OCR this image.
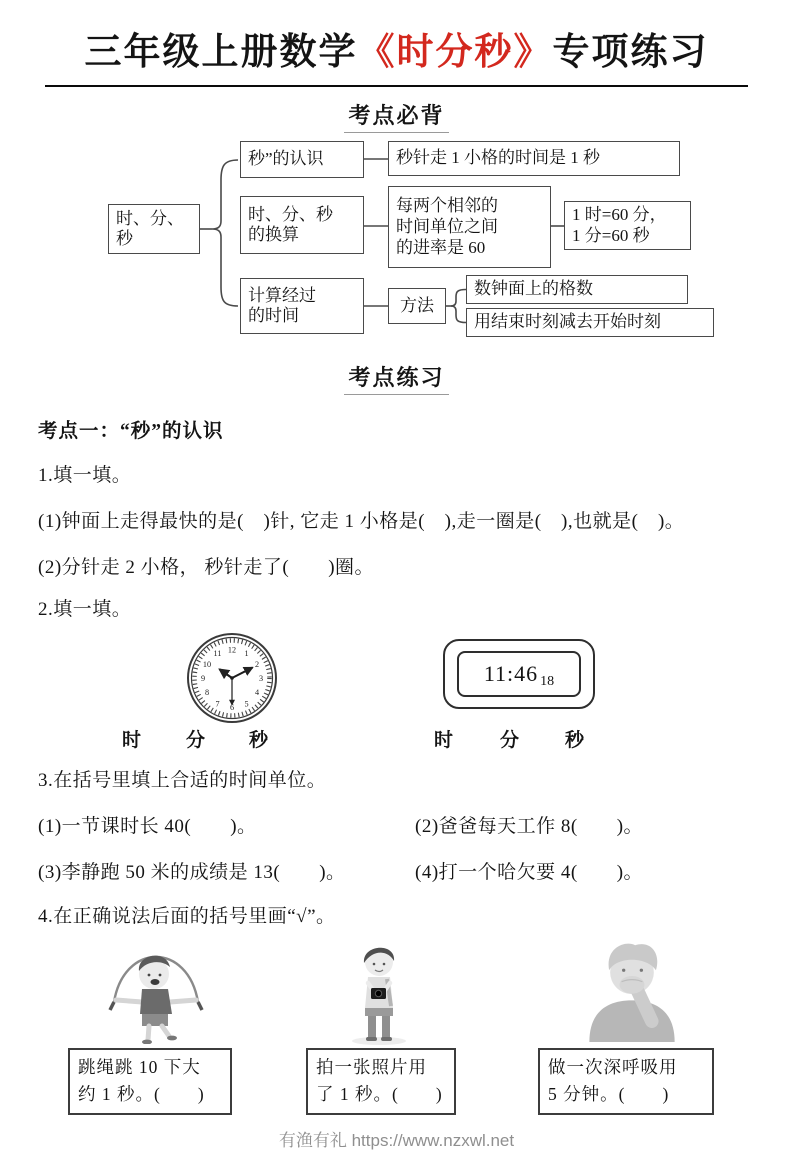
三年级上册数学《时分秒》专项练习
考点必背
时、分、
秒
秒”的认识	秒针走 1 小格的时间是 1 秒
时、分、秒
的换算
每两个相邻的
时间单位之间
的进率是 60
1 时=60 分，
1 分=60 秒
计算经过
的时间
方法
数钟面上的格数
用结束时刻减去开始时刻
考点练习
考点一：“秒”的认识
1.填一填。
(1)钟面上走得最快的是(　)针, 它走 1 小格是(　),走一圈是(　),也就是(　)。
(2)分针走 2 小格， 秒针走了(　　)圈。
2.填一填。
1
2
3
4
5
6
7
8
9
10
11 12
11:46 18
时 分 秒	时 分 秒
3.在括号里填上合适的时间单位。
(1)一节课时长 40(　　)。	(2)爸爸每天工作 8(　　)。
(3)李静跑 50 米的成绩是 13(　　)。	(4)打一个哈欠要 4(　　)。
4.在正确说法后面的括号里画“√”。
跳绳跳 10 下大
约 1 秒。(　　)
拍一张照片用
了 1 秒。(　　)
做一次深呼吸用
5 分钟。(　　)
有渔有礼 https://www.nzxwl.net
